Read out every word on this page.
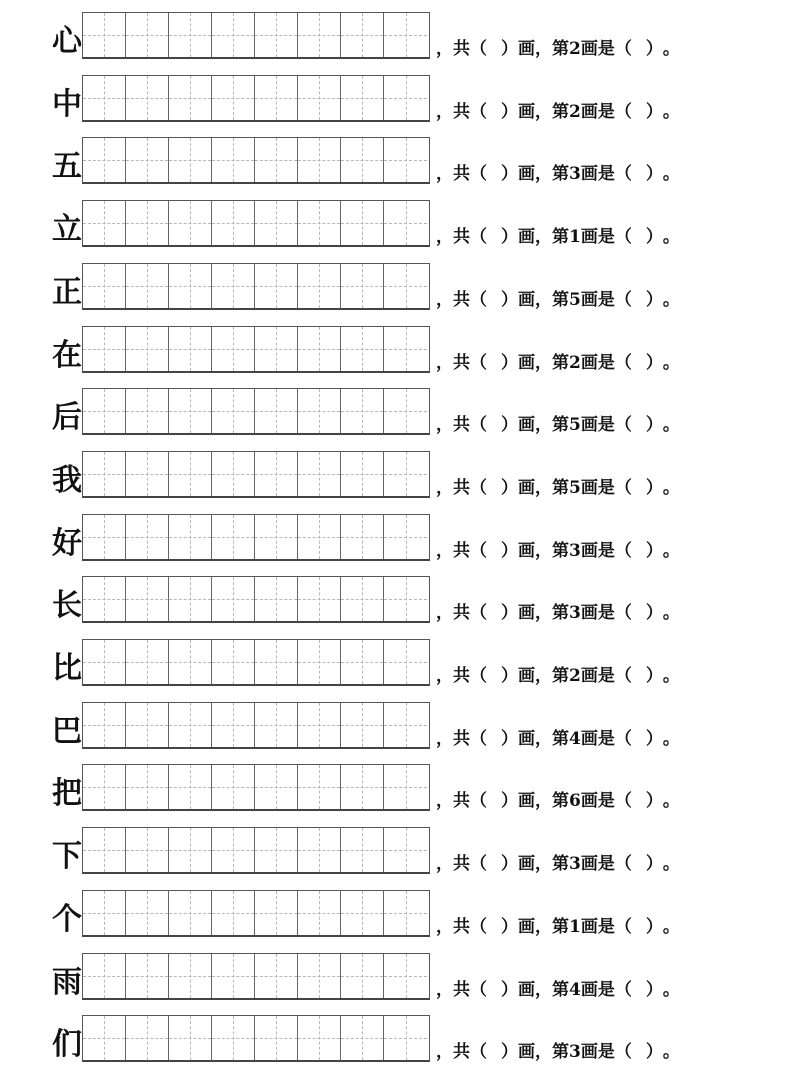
心	， 共 （ ） 画， 第 2 画是 （ ） 。
中	， 共 （ ） 画， 第 2 画是 （ ） 。
五	， 共 （ ） 画， 第 3 画是 （ ） 。
立	， 共 （ ） 画， 第 1 画是 （ ） 。
正	， 共 （ ） 画， 第 5 画是 （ ） 。
在	， 共 （ ） 画， 第 2 画是 （ ） 。
后	， 共 （ ） 画， 第 5 画是 （ ） 。
我	， 共 （ ） 画， 第 5 画是 （ ） 。
好	， 共 （ ） 画， 第 3 画是 （ ） 。
长	， 共 （ ） 画， 第 3 画是 （ ） 。
比	， 共 （ ） 画， 第 2 画是 （ ） 。
巴	， 共 （ ） 画， 第 4 画是 （ ） 。
把	， 共 （ ） 画， 第 6 画是 （ ） 。
下	， 共 （ ） 画， 第 3 画是 （ ） 。
个	， 共 （ ） 画， 第 1 画是 （ ） 。
雨	， 共 （ ） 画， 第 4 画是 （ ） 。
们	， 共 （ ） 画， 第 3 画是 （ ） 。
